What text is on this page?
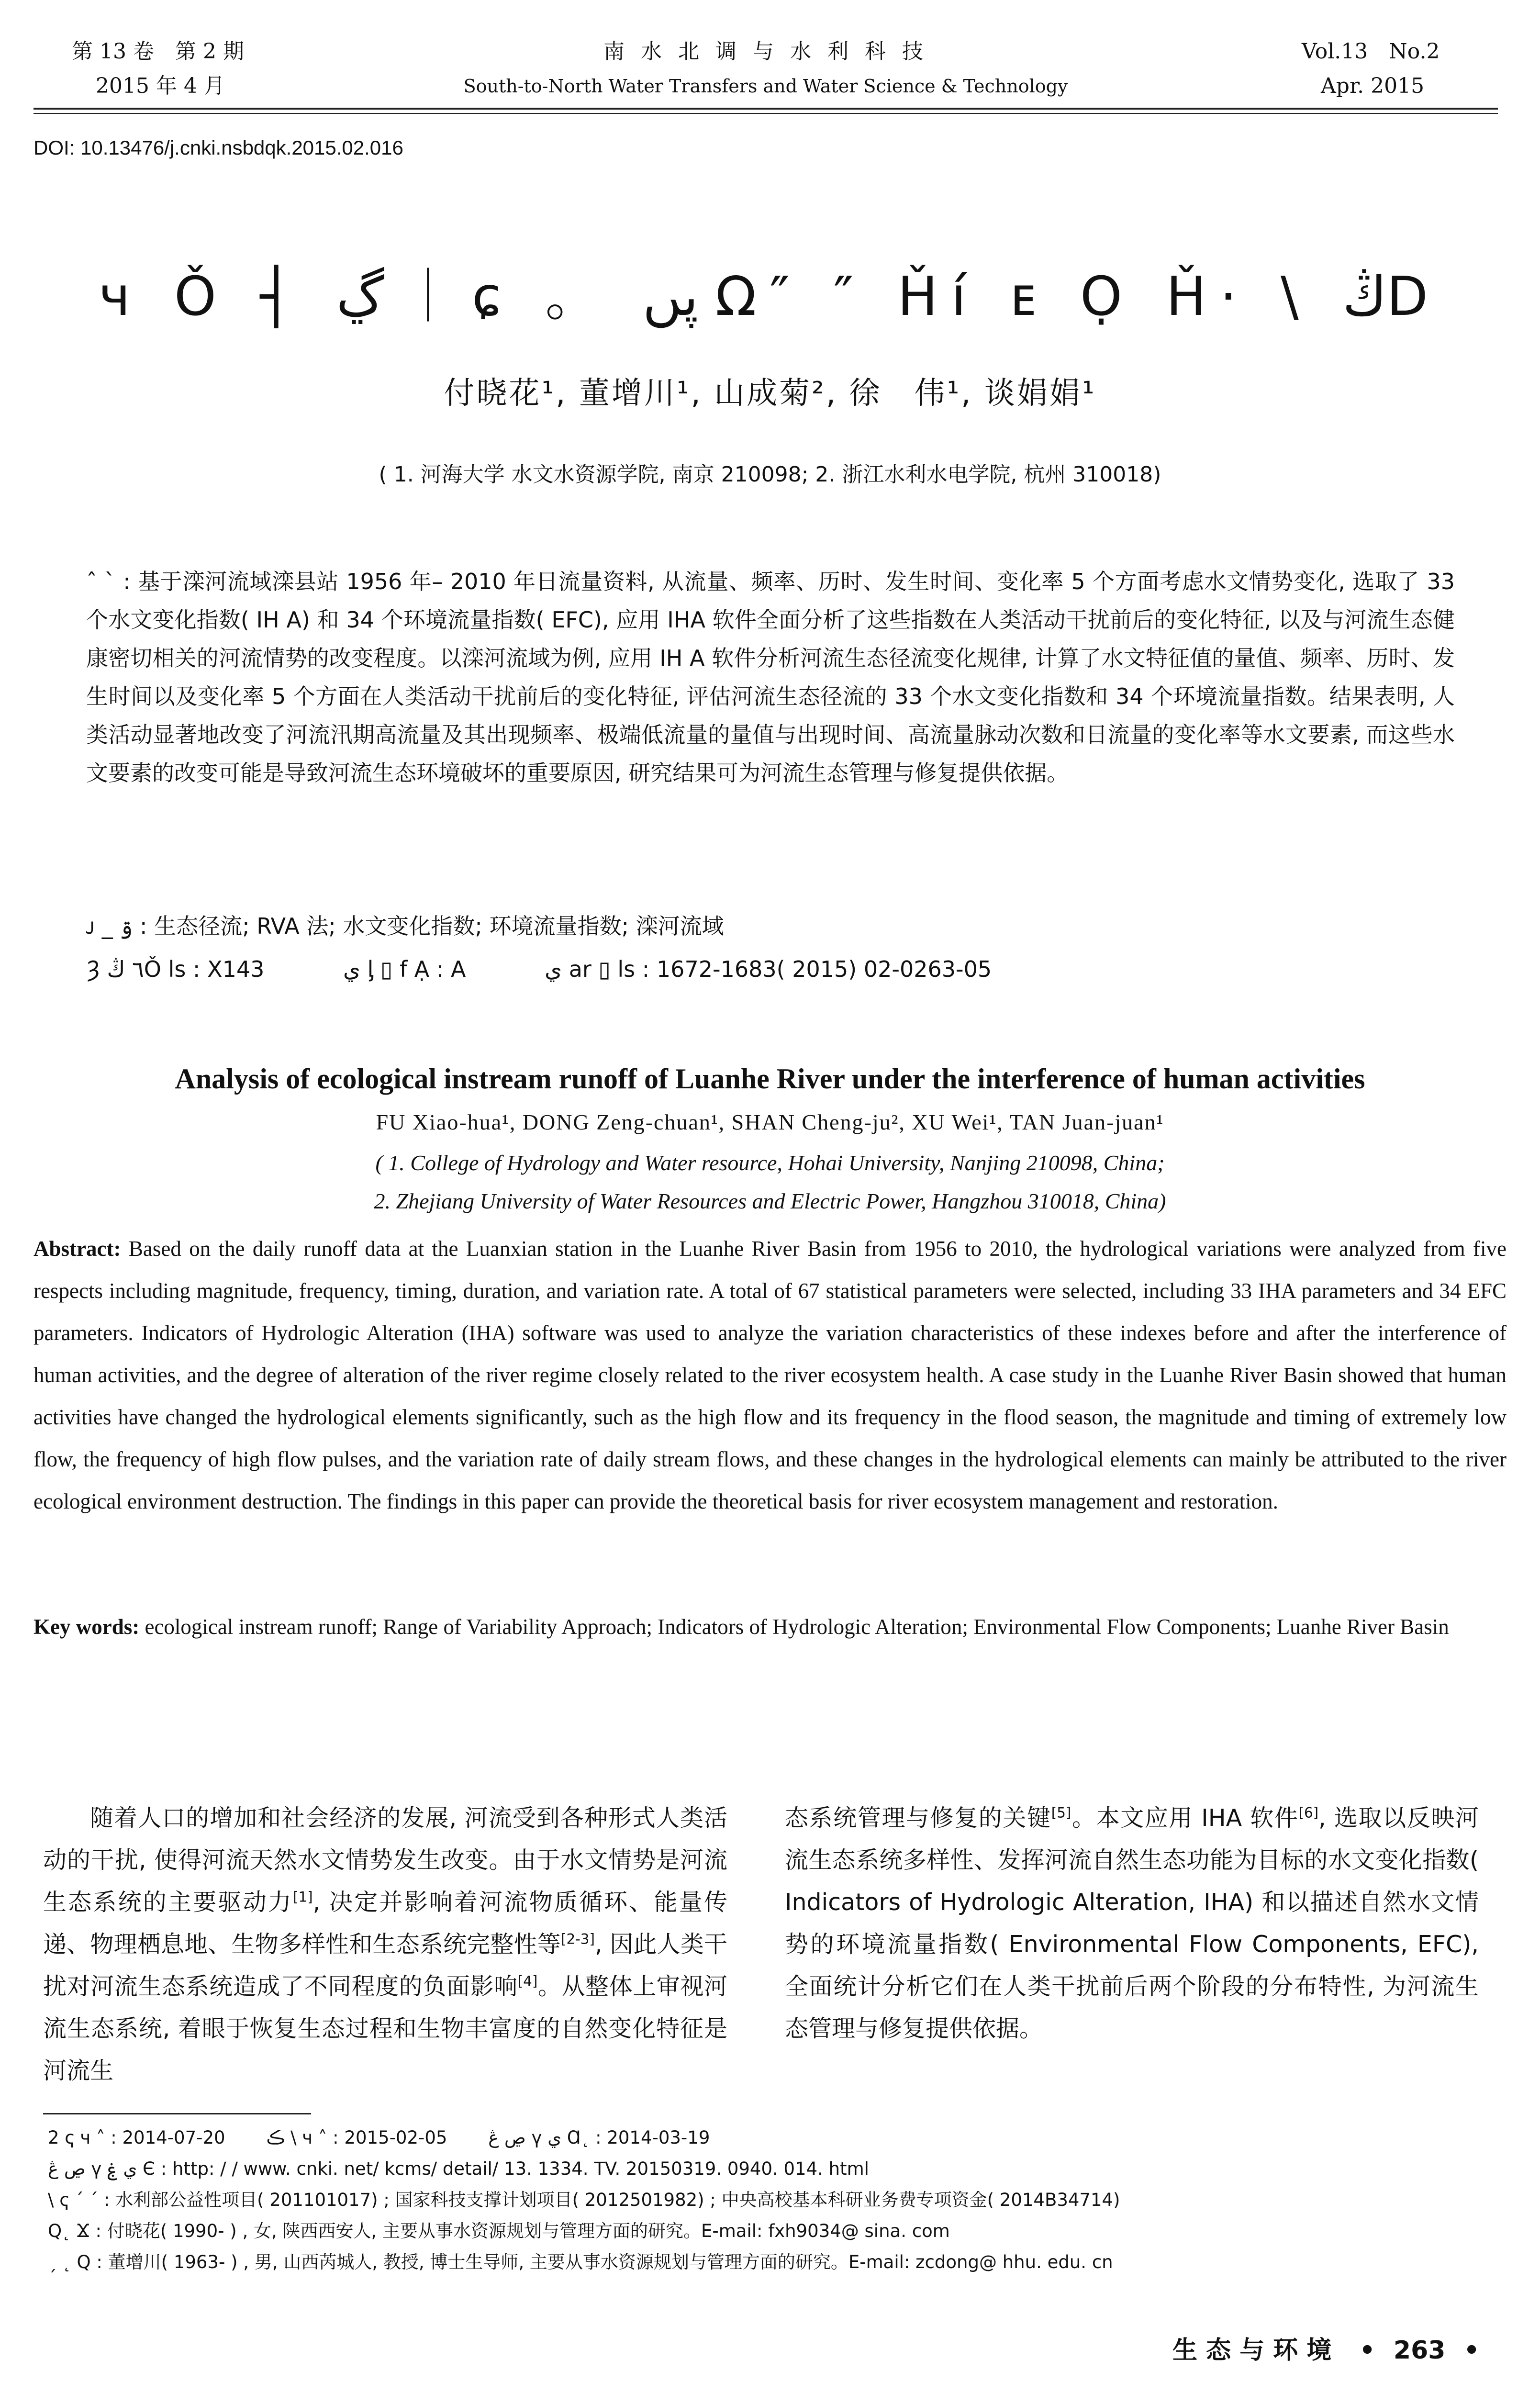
第 13 卷　第 2 期
2015 年 4 月
南 水 北 调 与 水 利 科 技
South-to-North Water Transfers and Water Science & Technology
Vol.13　No.2
Apr. 2015
DOI: 10.13476/j.cnki.nsbdqk.2015.02.016
ч Ǒ ┤ ڲ ｜ ɕ 。 پں Ω″ ″ Ȟí ᴇ Ọ Ȟ· \ ڭD
付晓花¹, 董增川¹, 山成菊², 徐　伟¹, 谈娟娟¹
( 1. 河海大学 水文水资源学院, 南京 210098; 2. 浙江水利水电学院, 杭州 310018)
ˆ ˋ : 基于滦河流域滦县站 1956 年– 2010 年日流量资料, 从流量、频率、历时、发生时间、变化率 5 个方面考虑水文情势变化, 选取了 33 个水文变化指数( IH A) 和 34 个环境流量指数( EFC), 应用 IHA 软件全面分析了这些指数在人类活动干扰前后的变化特征, 以及与河流生态健康密切相关的河流情势的改变程度。以滦河流域为例, 应用 IH A 软件分析河流生态径流变化规律, 计算了水文特征值的量值、频率、历时、发生时间以及变化率 5 个方面在人类活动干扰前后的变化特征, 评估河流生态径流的 33 个水文变化指数和 34 个环境流量指数。结果表明, 人类活动显著地改变了河流汛期高流量及其出现频率、极端低流量的量值与出现时间、高流量脉动次数和日流量的变化率等水文要素, 而这些水文要素的改变可能是导致河流生态环境破坏的重要原因, 研究结果可为河流生态管理与修复提供依据。
ᴊ _ ۊ : 生态径流; RVA 法; 水文变化指数; 环境流量指数; 滦河流域
Ȝ ٦ ڭǑ ls : X143	ي ᶅ ▯ f Ạ : A	ي ar ▯ ls : 1672-1683( 2015) 02-0263-05
Analysis of ecological instream runoff of Luanhe River under the interference of human activities
FU Xiao-hua¹, DONG Zeng-chuan¹, SHAN Cheng-ju², XU Wei¹, TAN Juan-juan¹
( 1. College of Hydrology and Water resource, Hohai University, Nanjing 210098, China;
2. Zhejiang University of Water Resources and Electric Power, Hangzhou 310018, China)
Abstract: Based on the daily runoff data at the Luanxian station in the Luanhe River Basin from 1956 to 2010, the hydrological variations were analyzed from five respects including magnitude, frequency, timing, duration, and variation rate. A total of 67 statistical parameters were selected, including 33 IHA parameters and 34 EFC parameters. Indicators of Hydrologic Alteration (IHA) software was used to analyze the variation characteristics of these indexes before and after the interference of human activities, and the degree of alteration of the river regime closely related to the river ecosystem health. A case study in the Luanhe River Basin showed that human activities have changed the hydrological elements significantly, such as the high flow and its frequency in the flood season, the magnitude and timing of extremely low flow, the frequency of high flow pulses, and the variation rate of daily stream flows, and these changes in the hydrological elements can mainly be attributed to the river ecological environment destruction. The findings in this paper can provide the theoretical basis for river ecosystem management and restoration.
Key words: ecological instream runoff; Range of Variability Approach; Indicators of Hydrologic Alteration; Environmental Flow Components; Luanhe River Basin
随着人口的增加和社会经济的发展, 河流受到各种形式人类活动的干扰, 使得河流天然水文情势发生改变。由于水文情势是河流生态系统的主要驱动力[1], 决定并影响着河流物质循环、能量传递、物理栖息地、生物多样性和生态系统完整性等[2-3], 因此人类干扰对河流生态系统造成了不同程度的负面影响[4]。从整体上审视河流生态系统, 着眼于恢复生态过程和生物丰富度的自然变化特征是河流生
态系统管理与修复的关键[5]。本文应用 IHA 软件[6], 选取以反映河流生态系统多样性、发挥河流自然生态功能为目标的水文变化指数( Indicators of Hydrologic Alteration, IHA) 和以描述自然水文情势的环境流量指数( Environmental Flow Components, EFC), 全面统计分析它们在人类干扰前后两个阶段的分布特性, 为河流生态管理与修复提供依据。
2 ҁ ч ˄ : 2014-07-20　　 ڪ \ ч ˄ : 2015-02-05　　 ڝ ڠ ү ي Ɑ˛ : 2014-03-19
ڝ ڠ ү ي ۼ Є : http: / / www. cnki. net/ kcms/ detail/ 13. 1334. TV. 20150319. 0940. 014. html
\ ҁ ˊ ˊ : 水利部公益性项目( 201101017) ; 国家科技支撑计划项目( 2012501982) ; 中央高校基本科研业务费专项资金( 2014B34714)
Q˛ Ϫ : 付晓花( 1990- ) , 女, 陕西西安人, 主要从事水资源规划与管理方面的研究。E-mail: fxh9034@ sina. com
ˏ ˛ Q : 董增川( 1963- ) , 男, 山西芮城人, 教授, 博士生导师, 主要从事水资源规划与管理方面的研究。E-mail: zcdong@ hhu. edu. cn
生 态 与 环 境 • 263 •
